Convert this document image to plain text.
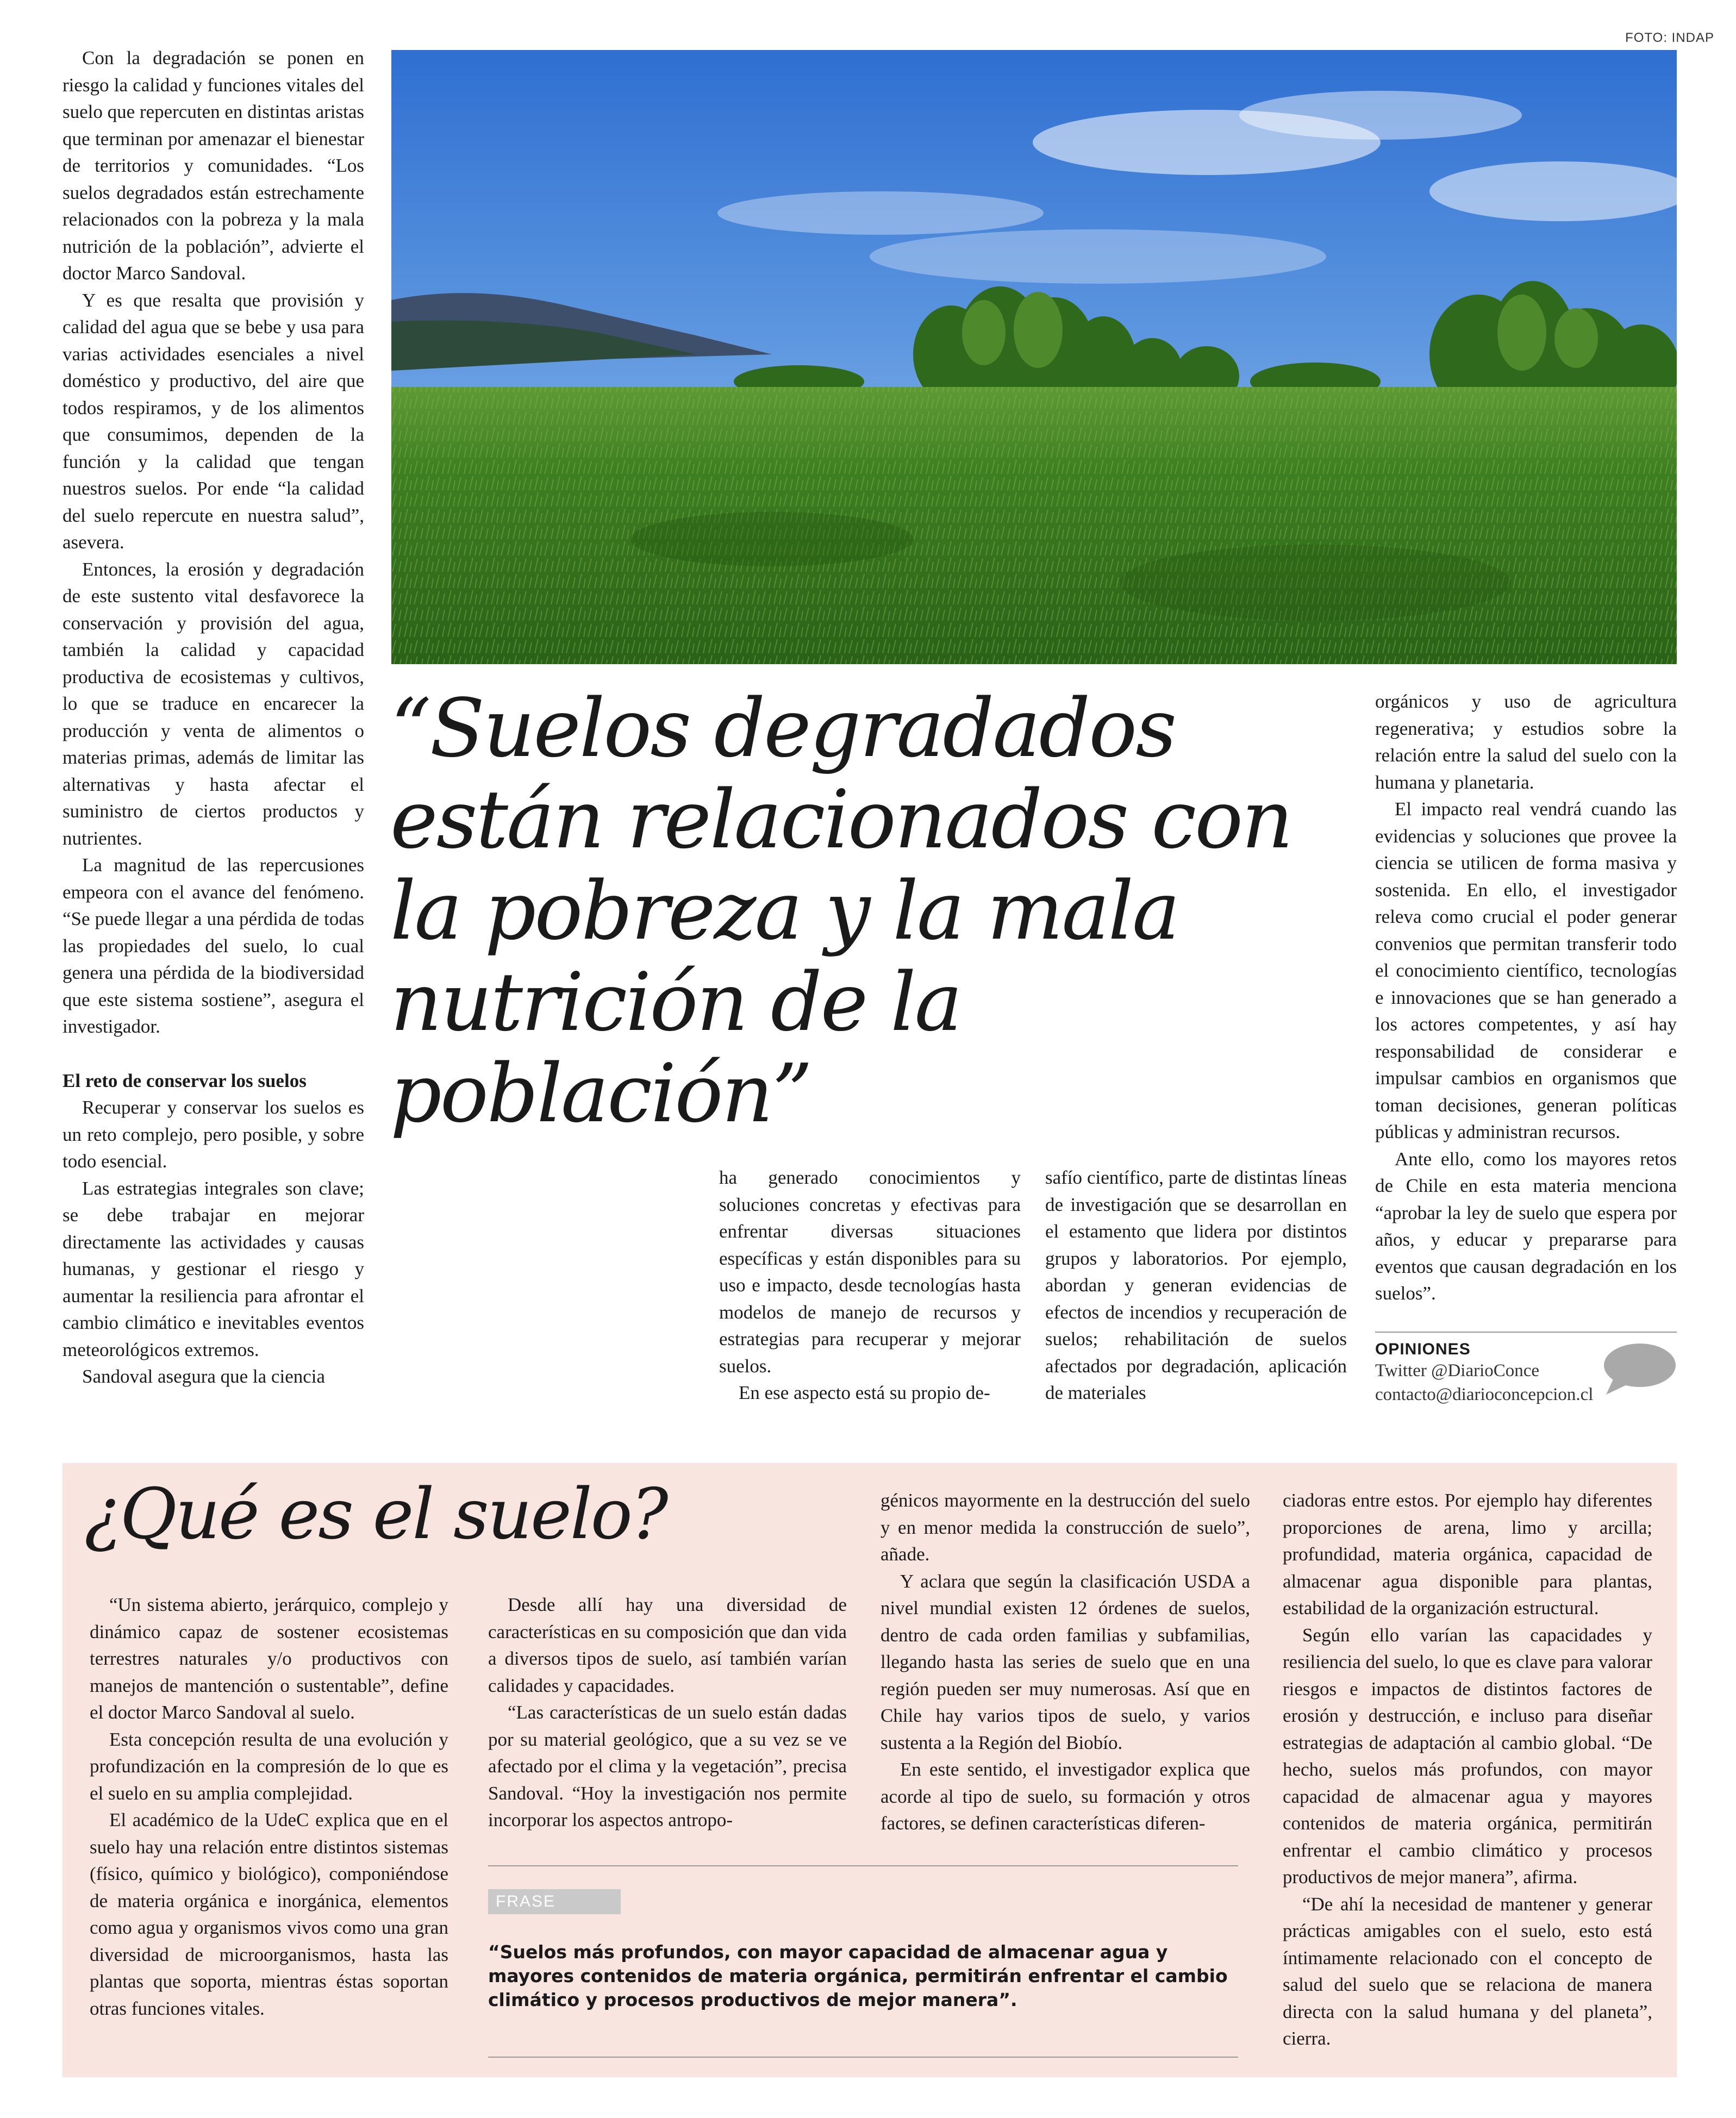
FOTO: INDAP

Con la degradación se ponen en riesgo la calidad y funciones vitales del suelo que repercuten en distintas aristas que terminan por amenazar el bienestar de territorios y comunidades. “Los suelos degradados están estrechamente relacionados con la pobreza y la mala nutrición de la población”, advierte el doctor Marco Sandoval.

Y es que resalta que provisión y calidad del agua que se bebe y usa para varias actividades esenciales a nivel doméstico y productivo, del aire que todos respiramos, y de los alimentos que consumimos, dependen de la función y la calidad que tengan nuestros suelos. Por ende “la calidad del suelo repercute en nuestra salud”, asevera.

Entonces, la erosión y degradación de este sustento vital desfavorece la conservación y provisión del agua, también la calidad y capacidad productiva de ecosistemas y cultivos, lo que se traduce en encarecer la producción y venta de alimentos o materias primas, además de limitar las alternativas y hasta afectar el suministro de ciertos productos y nutrientes.

La magnitud de las repercusiones empeora con el avance del fenómeno. “Se puede llegar a una pérdida de todas las propiedades del suelo, lo cual genera una pérdida de la biodiversidad que este sistema sostiene”, asegura el investigador.

El reto de conservar los suelos

Recuperar y conservar los suelos es un reto complejo, pero posible, y sobre todo esencial.

Las estrategias integrales son clave; se debe trabajar en mejorar directamente las actividades y causas humanas, y gestionar el riesgo y aumentar la resiliencia para afrontar el cambio climático e inevitables eventos meteorológicos extremos.

Sandoval asegura que la ciencia

“Suelos degradados están relacionados con la pobreza y la mala nutrición de la población”

ha generado conocimientos y soluciones concretas y efectivas para enfrentar diversas situaciones específicas y están disponibles para su uso e impacto, desde tecnologías hasta modelos de manejo de recursos y estrategias para recuperar y mejorar suelos.

En ese aspecto está su propio de-

safío científico, parte de distintas líneas de investigación que se desarrollan en el estamento que lidera por distintos grupos y laboratorios. Por ejemplo, abordan y generan evidencias de efectos de incendios y recuperación de suelos; rehabilitación de suelos afectados por degradación, aplicación de materiales

orgánicos y uso de agricultura regenerativa; y estudios sobre la relación entre la salud del suelo con la humana y planetaria.

El impacto real vendrá cuando las evidencias y soluciones que provee la ciencia se utilicen de forma masiva y sostenida. En ello, el investigador releva como crucial el poder generar convenios que permitan transferir todo el conocimiento científico, tecnologías e innovaciones que se han generado a los actores competentes, y así hay responsabilidad de considerar e impulsar cambios en organismos que toman decisiones, generan políticas públicas y administran recursos.

Ante ello, como los mayores retos de Chile en esta materia menciona “aprobar la ley de suelo que espera por años, y educar y prepararse para eventos que causan degradación en los suelos”.

OPINIONES
Twitter @DiarioConce
contacto@diarioconcepcion.cl
¿Qué es el suelo?

“Un sistema abierto, jerárquico, complejo y dinámico capaz de sostener ecosistemas terrestres naturales y/o productivos con manejos de mantención o sustentable”, define el doctor Marco Sandoval al suelo.

Esta concepción resulta de una evolución y profundización en la compresión de lo que es el suelo en su amplia complejidad.

El académico de la UdeC explica que en el suelo hay una relación entre distintos sistemas (físico, químico y biológico), componiéndose de materia orgánica e inorgánica, elementos como agua y organismos vivos como una gran diversidad de microorganismos, hasta las plantas que soporta, mientras éstas soportan otras funciones vitales.

Desde allí hay una diversidad de características en su composición que dan vida a diversos tipos de suelo, así también varían calidades y capacidades.

“Las características de un suelo están dadas por su material geológico, que a su vez se ve afectado por el clima y la vegetación”, precisa Sandoval. “Hoy la investigación nos permite incorporar los aspectos antropo-

génicos mayormente en la destrucción del suelo y en menor medida la construcción de suelo”, añade.

Y aclara que según la clasificación USDA a nivel mundial existen 12 órdenes de suelos, dentro de cada orden familias y subfamilias, llegando hasta las series de suelo que en una región pueden ser muy numerosas. Así que en Chile hay varios tipos de suelo, y varios sustenta a la Región del Biobío.

En este sentido, el investigador explica que acorde al tipo de suelo, su formación y otros factores, se definen características diferen-

ciadoras entre estos. Por ejemplo hay diferentes proporciones de arena, limo y arcilla; profundidad, materia orgánica, capacidad de almacenar agua disponible para plantas, estabilidad de la organización estructural.

Según ello varían las capacidades y resiliencia del suelo, lo que es clave para valorar riesgos e impactos de distintos factores de erosión y destrucción, e incluso para diseñar estrategias de adaptación al cambio global. “De hecho, suelos más profundos, con mayor capacidad de almacenar agua y mayores contenidos de materia orgánica, permitirán enfrentar el cambio climático y procesos productivos de mejor manera”, afirma.

“De ahí la necesidad de mantener y generar prácticas amigables con el suelo, esto está íntimamente relacionado con el concepto de salud del suelo que se relaciona de manera directa con la salud humana y del planeta”, cierra.

FRASE
“Suelos más profundos, con mayor capacidad de almacenar agua y mayores contenidos de materia orgánica, permitirán enfrentar el cambio climático y procesos productivos de mejor manera”.
